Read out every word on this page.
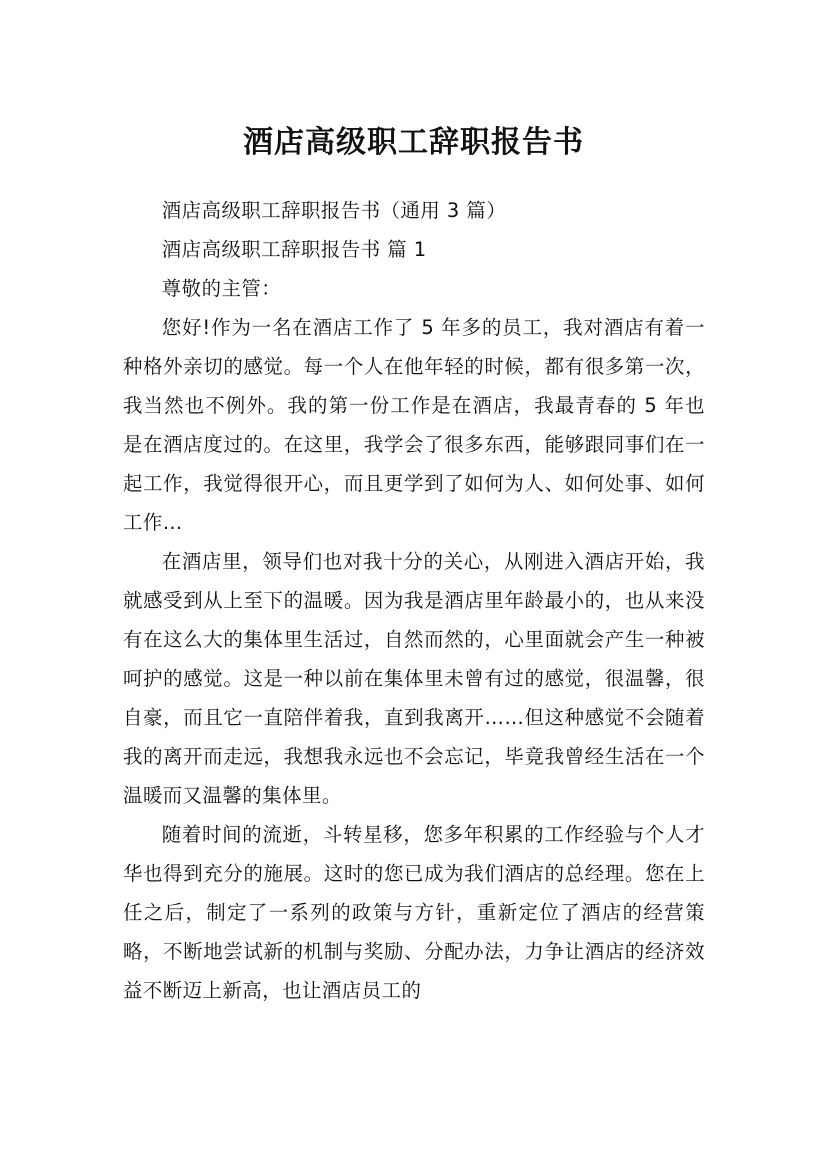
酒店高级职工辞职报告书

酒店高级职工辞职报告书（通用 3 篇）

酒店高级职工辞职报告书 篇 1

尊敬的主管：

您好!作为一名在酒店工作了 5 年多的员工，我对酒店有着一种格外亲切的感觉。每一个人在他年轻的时候，都有很多第一次，我当然也不例外。我的第一份工作是在酒店，我最青春的 5 年也是在酒店度过的。在这里，我学会了很多东西，能够跟同事们在一起工作，我觉得很开心，而且更学到了如何为人、如何处事、如何工作…

在酒店里，领导们也对我十分的关心，从刚进入酒店开始，我就感受到从上至下的温暖。因为我是酒店里年龄最小的，也从来没有在这么大的集体里生活过，自然而然的，心里面就会产生一种被呵护的感觉。这是一种以前在集体里未曾有过的感觉，很温馨，很自豪，而且它一直陪伴着我，直到我离开……但这种感觉不会随着我的离开而走远，我想我永远也不会忘记，毕竟我曾经生活在一个温暖而又温馨的集体里。

随着时间的流逝，斗转星移，您多年积累的工作经验与个人才华也得到充分的施展。这时的您已成为我们酒店的总经理。您在上任之后，制定了一系列的政策与方针，重新定位了酒店的经营策略，不断地尝试新的机制与奖励、分配办法，力争让酒店的经济效益不断迈上新高，也让酒店员工的
